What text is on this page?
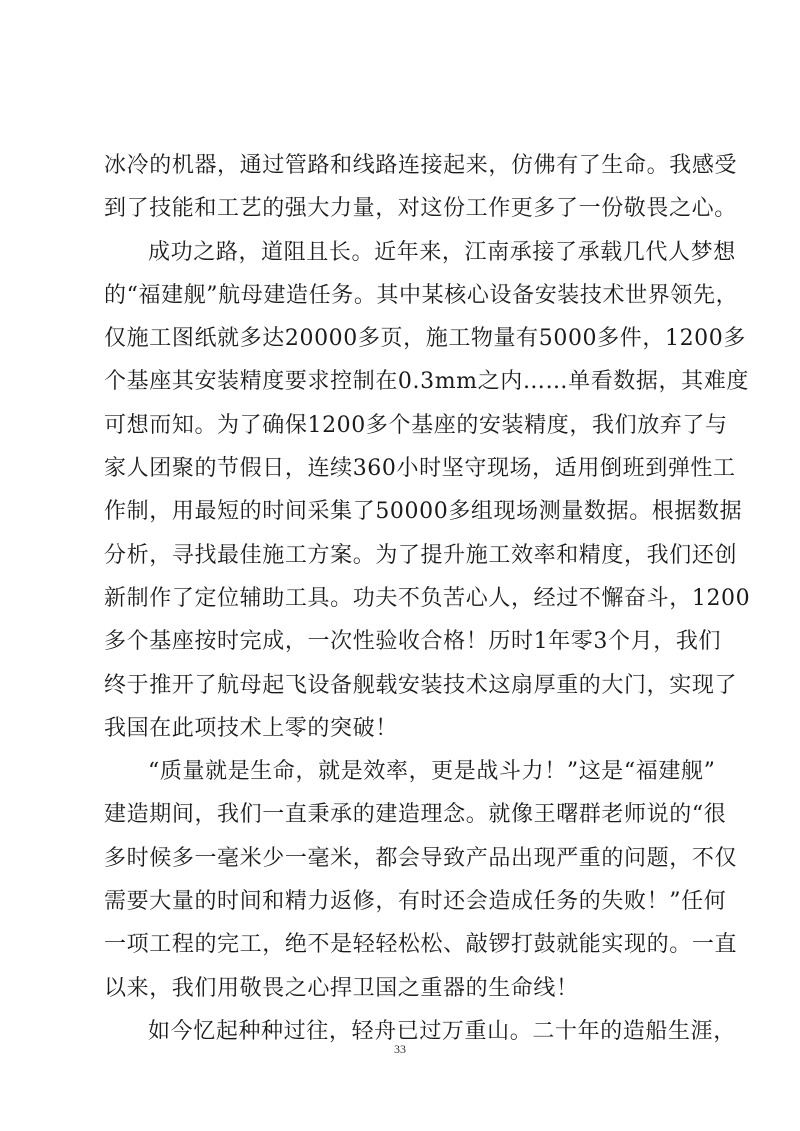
冰 冷 的 机 器 ， 通 过 管 路 和 线 路 连 接 起 来 ， 仿 佛 有 了 生 命 。 我 感 受
到了技能和工艺的强大力量，对这份工作更多了一份敬畏之心。
成 功 之 路 ， 道 阻 且 长 。 近 年 来 ， 江 南 承 接 了 承 载 几 代 人 梦 想
的 “ 福 建 舰 ” 航 母 建 造 任 务 。 其 中 某 核 心 设 备 安 装 技 术 世 界 领 先 ，
仅 施 工 图 纸 就 多 达 20000 多 页 ， 施 工 物 量 有 5000 多 件 ， 1200 多
个 基 座 其 安 装 精 度 要 求 控 制 在 0.3mm 之 内 … … 单 看 数 据 ， 其 难 度
可 想 而 知 。 为 了 确 保 1200 多 个 基 座 的 安 装 精 度 ， 我 们 放 弃 了 与
家 人 团 聚 的 节 假 日 ， 连 续 360 小 时 坚 守 现 场 ， 适 用 倒 班 到 弹 性 工
作 制 ， 用 最 短 的 时 间 采 集 了 50000 多 组 现 场 测 量 数 据 。 根 据 数 据
分 析 ， 寻 找 最 佳 施 工 方 案 。 为 了 提 升 施 工 效 率 和 精 度 ， 我 们 还 创
新 制 作 了 定 位 辅 助 工 具 。 功 夫 不 负 苦 心 人 ， 经 过 不 懈 奋 斗 ， 1200
多 个 基 座 按 时 完 成 ， 一 次 性 验 收 合 格 ！ 历 时 1 年 零 3 个 月 ， 我 们
终 于 推 开 了 航 母 起 飞 设 备 舰 载 安 装 技 术 这 扇 厚 重 的 大 门 ， 实 现 了
我国在此项技术上零的突破！
“ 质 量 就 是 生 命 ， 就 是 效 率 ， 更 是 战 斗 力 ！ ” 这 是 “ 福 建 舰 ”
建 造 期 间 ， 我 们 一 直 秉 承 的 建 造 理 念 。 就 像 王 曙 群 老 师 说 的 “ 很
多 时 候 多 一 毫 米 少 一 毫 米 ， 都 会 导 致 产 品 出 现 严 重 的 问 题 ， 不 仅
需 要 大 量 的 时 间 和 精 力 返 修 ， 有 时 还 会 造 成 任 务 的 失 败 ！ ” 任 何
一 项 工 程 的 完 工 ， 绝 不 是 轻 轻 松 松 、 敲 锣 打 鼓 就 能 实 现 的 。 一 直
以来，我们用敬畏之心捍卫国之重器的生命线！
如 今 忆 起 种 种 过 往 ， 轻 舟 已 过 万 重 山 。 二 十 年 的 造 船 生 涯 ，
33
